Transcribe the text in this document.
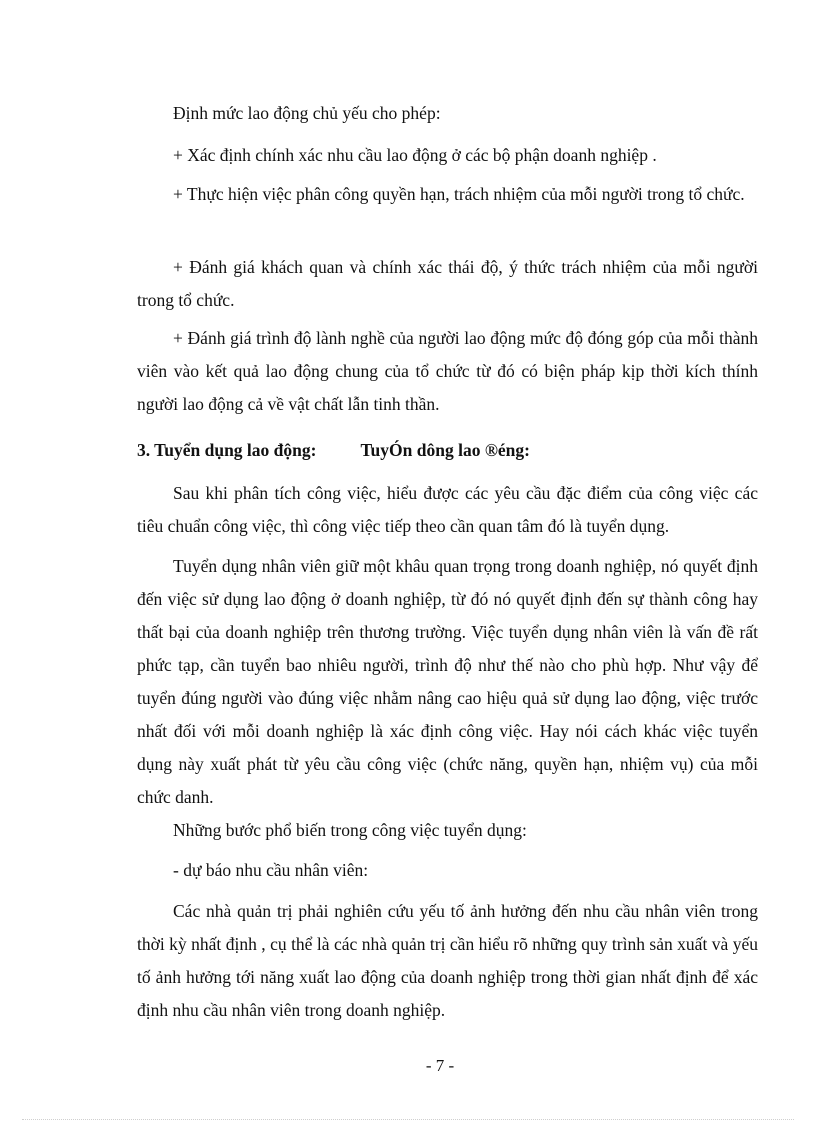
Định mức lao động chủ yếu cho phép:

+ Xác định chính xác nhu cầu lao động ở các bộ phận doanh nghiệp .

+ Thực hiện việc phân công quyền hạn, trách nhiệm của mỗi người trong tổ chức.

+ Đánh giá khách quan và chính xác thái độ, ý thức trách nhiệm của mỗi người trong tổ chức.

+ Đánh giá trình độ lành nghề của người lao động mức độ đóng góp của mỗi thành viên vào kết quả lao động chung của tổ chức từ đó có biện pháp kịp thời kích thính người lao động cả về vật chất lẫn tinh thần.

3. Tuyển dụng lao động:	TuyÓn dông lao ®éng:

Sau khi phân tích công việc, hiểu được các yêu cầu đặc điểm của công việc các tiêu chuẩn công việc, thì công việc tiếp theo cần quan tâm đó là tuyển dụng.

Tuyển dụng nhân viên giữ một khâu quan trọng trong doanh nghiệp, nó quyết định đến việc sử dụng lao động ở doanh nghiệp, từ đó nó quyết định đến sự thành công hay thất bại của doanh nghiệp trên thương trường. Việc tuyển dụng nhân viên là vấn đề rất phức tạp, cần tuyển bao nhiêu người, trình độ như thế nào cho phù hợp. Như vậy để tuyển đúng người vào đúng việc nhằm nâng cao hiệu quả sử dụng lao động, việc trước nhất đối với mỗi doanh nghiệp là xác định công việc. Hay nói cách khác việc tuyển dụng này xuất phát từ yêu cầu công việc (chức năng, quyền hạn, nhiệm vụ) của mỗi chức danh.

Những bước phổ biến trong công việc tuyển dụng:

- dự báo nhu cầu nhân viên:

Các nhà quản trị phải nghiên cứu yếu tố ảnh hưởng đến nhu cầu nhân viên trong thời kỳ nhất định , cụ thể là các nhà quản trị cần hiểu rõ những quy trình sản xuất và yếu tố ảnh hưởng tới năng xuất lao động của doanh nghiệp trong thời gian nhất định để xác định nhu cầu nhân viên trong doanh nghiệp.

- 7 -
